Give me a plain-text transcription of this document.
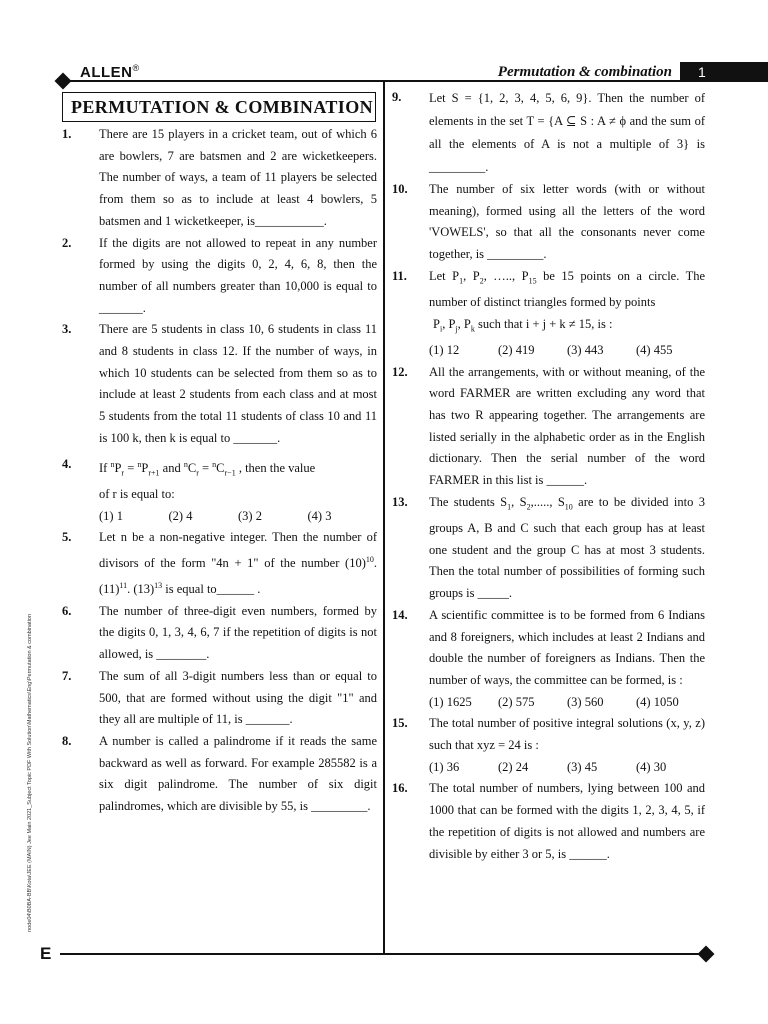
ALLEN®	Permutation & combination	1
E
node04\B0BA-BB\Kota\JEE (MAIN) Jee Main 2021_Subject Topic PDF With Solution\Mathematics\Eng\Permutation & combination
PERMUTATION & COMBINATION
1.	There are 15 players in a cricket team, out of which 6 are bowlers, 7 are batsmen and 2 are wicketkeepers. The number of ways, a team of 11 players be selected from them so as to include at least 4 bowlers, 5 batsmen and 1 wicketkeeper, is___________.
2.	If the digits are not allowed to repeat in any number formed by using the digits 0, 2, 4, 6, 8, then the number of all numbers greater than 10,000 is equal to _______.
3.	There are 5 students in class 10, 6 students in class 11 and 8 students in class 12. If the number of ways, in which 10 students can be selected from them so as to include at least 2 students from each class and at most 5 students from the total 11 students of class 10 and 11 is 100 k, then k is equal to _______.
4.	If $^nP_r = ^nP_{r+1}$ and $^nC_r = ^nC_{r-1}$ , then the value
of r is equal to:
(1) 1	(2) 4	(3) 2	(4) 3
5.	Let n be a non-negative integer. Then the number of divisors of the form "4n + 1" of the number $(10)^{10}$. $(11)^{11}$. $(13)^{13}$ is equal to______ .
6.	The number of three-digit even numbers, formed by the digits 0, 1, 3, 4, 6, 7 if the repetition of digits is not allowed, is ________.
7.	The sum of all 3-digit numbers less than or equal to 500, that are formed without using the digit "1" and they all are multiple of 11, is _______.
8.	A number is called a palindrome if it reads the same backward as well as forward. For example 285582 is a six digit palindrome. The number of six digit palindromes, which are divisible by 55, is _________.
9.	Let S = {1, 2, 3, 4, 5, 6, 9}. Then the number of elements in the set T = {A ⊆ S : A ≠ ϕ and the sum of all the elements of A is not a multiple of 3} is _________.
10.	The number of six letter words (with or without meaning), formed using all the letters of the word 'VOWELS', so that all the consonants never come together, is _________.
11.	Let $P_1$, $P_2$, ….., $P_{15}$ be 15 points on a circle. The number of distinct triangles formed by points
$P_i$, $P_j$, $P_k$ such that i + j + k ≠ 15, is :
(1) 12	(2) 419	(3) 443	(4) 455
12.	All the arrangements, with or without meaning, of the word FARMER are written excluding any word that has two R appearing together. The arrangements are listed serially in the alphabetic order as in the English dictionary. Then the serial number of the word FARMER in this list is ______.
13.	The students $S_1$, $S_2$,....., $S_{10}$ are to be divided into 3 groups A, B and C such that each group has at least one student and the group C has at most 3 students. Then the total number of possibilities of forming such groups is _____.
14.	A scientific committee is to be formed from 6 Indians and 8 foreigners, which includes at least 2 Indians and double the number of foreigners as Indians. Then the number of ways, the committee can be formed, is :
(1) 1625	(2) 575	(3) 560	(4) 1050
15.	The total number of positive integral solutions (x, y, z) such that xyz = 24 is :
(1) 36	(2) 24	(3) 45	(4) 30
16.	The total number of numbers, lying between 100 and 1000 that can be formed with the digits 1, 2, 3, 4, 5, if the repetition of digits is not allowed and numbers are divisible by either 3 or 5, is ______.
